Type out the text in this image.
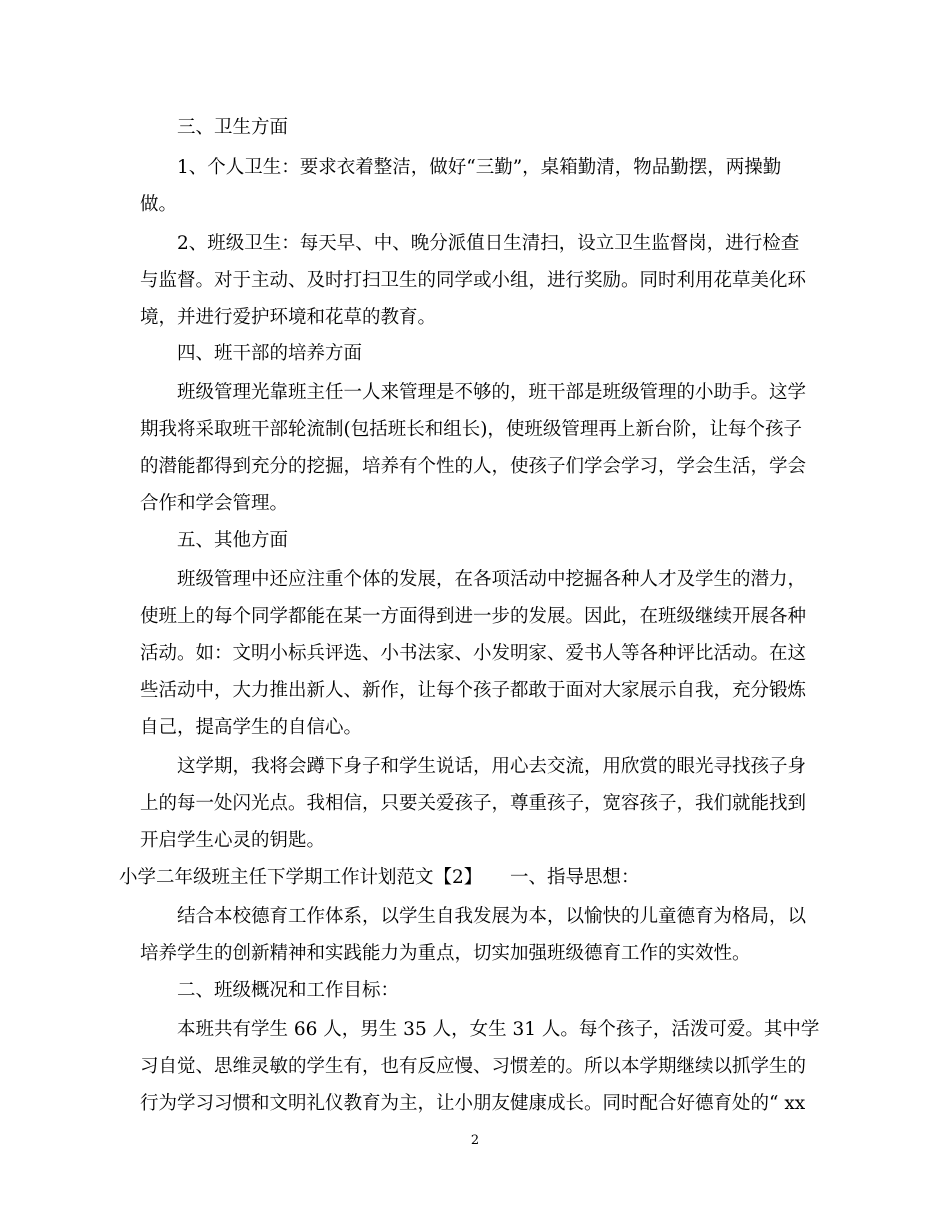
三、卫生方面
1、个人卫生：要求衣着整洁，做好“三勤”，桌箱勤清，物品勤摆，两操勤
做。
2、班级卫生：每天早、中、晚分派值日生清扫，设立卫生监督岗，进行检查
与监督。对于主动、及时打扫卫生的同学或小组，进行奖励。同时利用花草美化环
境，并进行爱护环境和花草的教育。
四、班干部的培养方面
班级管理光靠班主任一人来管理是不够的，班干部是班级管理的小助手。这学
期我将采取班干部轮流制(包括班长和组长)，使班级管理再上新台阶，让每个孩子
的潜能都得到充分的挖掘，培养有个性的人，使孩子们学会学习，学会生活，学会
合作和学会管理。
五、其他方面
班级管理中还应注重个体的发展，在各项活动中挖掘各种人才及学生的潜力，
使班上的每个同学都能在某一方面得到进一步的发展。因此，在班级继续开展各种
活动。如：文明小标兵评选、小书法家、小发明家、爱书人等各种评比活动。在这
些活动中，大力推出新人、新作，让每个孩子都敢于面对大家展示自我，充分锻炼
自己，提高学生的自信心。
这学期，我将会蹲下身子和学生说话，用心去交流，用欣赏的眼光寻找孩子身
上的每一处闪光点。我相信，只要关爱孩子，尊重孩子，宽容孩子，我们就能找到
开启学生心灵的钥匙。
小学二年级班主任下学期工作计划范文【2】　　一、指导思想：
结合本校德育工作体系，以学生自我发展为本，以愉快的儿童德育为格局，以
培养学生的创新精神和实践能力为重点，切实加强班级德育工作的实效性。
二、班级概况和工作目标：
本班共有学生 66 人，男生 35 人，女生 31 人。每个孩子，活泼可爱。其中学
习自觉、思维灵敏的学生有，也有反应慢、习惯差的。所以本学期继续以抓学生的
行为学习习惯和文明礼仪教育为主，让小朋友健康成长。同时配合好德育处的“ xx
2
